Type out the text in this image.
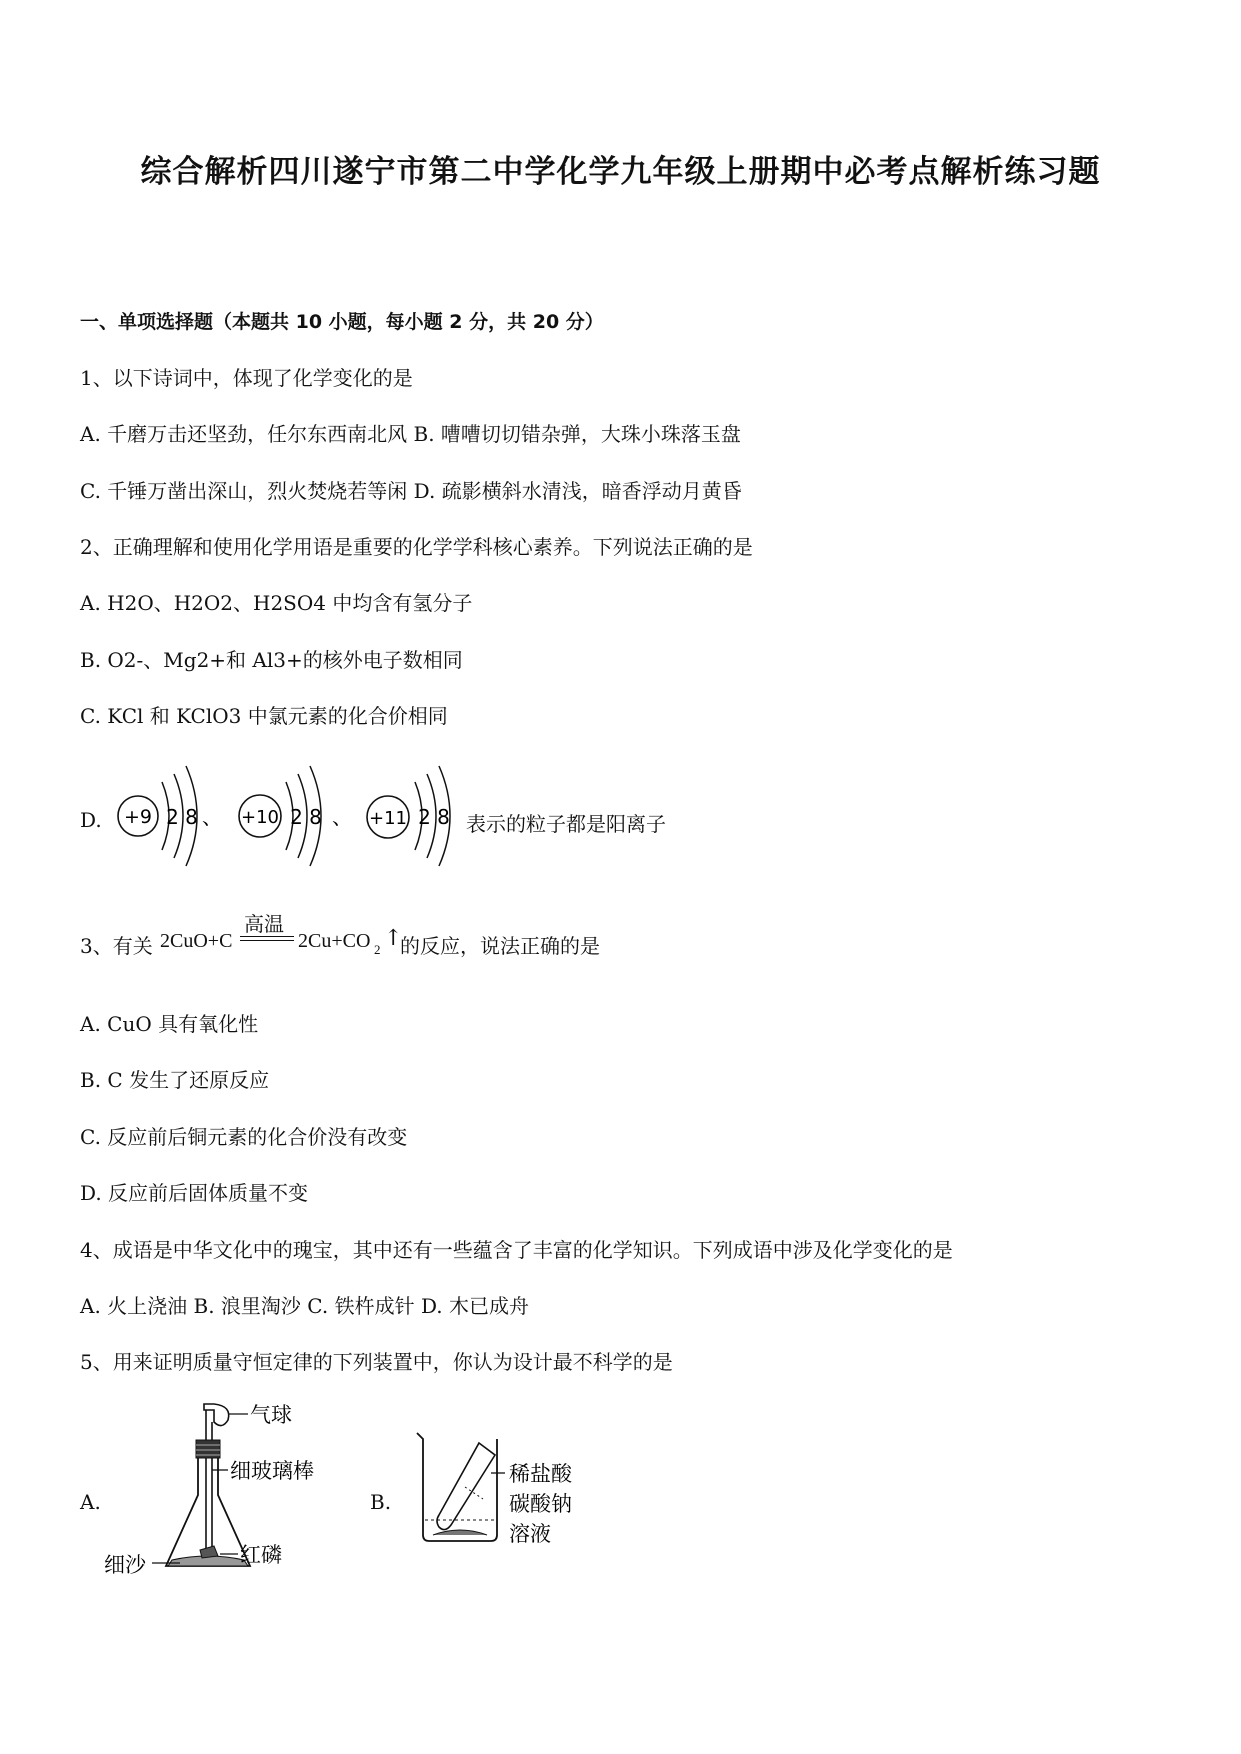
综合解析四川遂宁市第二中学化学九年级上册期中必考点解析练习题
一、单项选择题（本题共 10 小题，每小题 2 分，共 20 分）
1、以下诗词中，体现了化学变化的是
A. 千磨万击还坚劲，任尔东西南北风 B. 嘈嘈切切错杂弹，大珠小珠落玉盘
C. 千锤万凿出深山，烈火焚烧若等闲 D. 疏影横斜水清浅，暗香浮动月黄昏
2、正确理解和使用化学用语是重要的化学学科核心素养。下列说法正确的是
A. H2O、H2O2、H2SO4 中均含有氢分子
B. O2-、Mg2+和 Al3+的核外电子数相同
C. KCl 和 KClO3 中氯元素的化合价相同
D. +9 2 8 、 +10 2 8 、 +11 2 8 表示的粒子都是阳离子
3、有关 2CuO+C
高温
2Cu+CO 2 ↑
的反应，说法正确的是
A. CuO 具有氧化性
B. C 发生了还原反应
C. 反应前后铜元素的化合价没有改变
D. 反应前后固体质量不变
4、成语是中华文化中的瑰宝，其中还有一些蕴含了丰富的化学知识。下列成语中涉及化学变化的是
A. 火上浇油 B. 浪里淘沙 C. 铁杵成针 D. 木已成舟
5、用来证明质量守恒定律的下列装置中，你认为设计最不科学的是
A.
气球
细玻璃棒
红磷
细沙
B.
稀盐酸
碳酸钠
溶液
